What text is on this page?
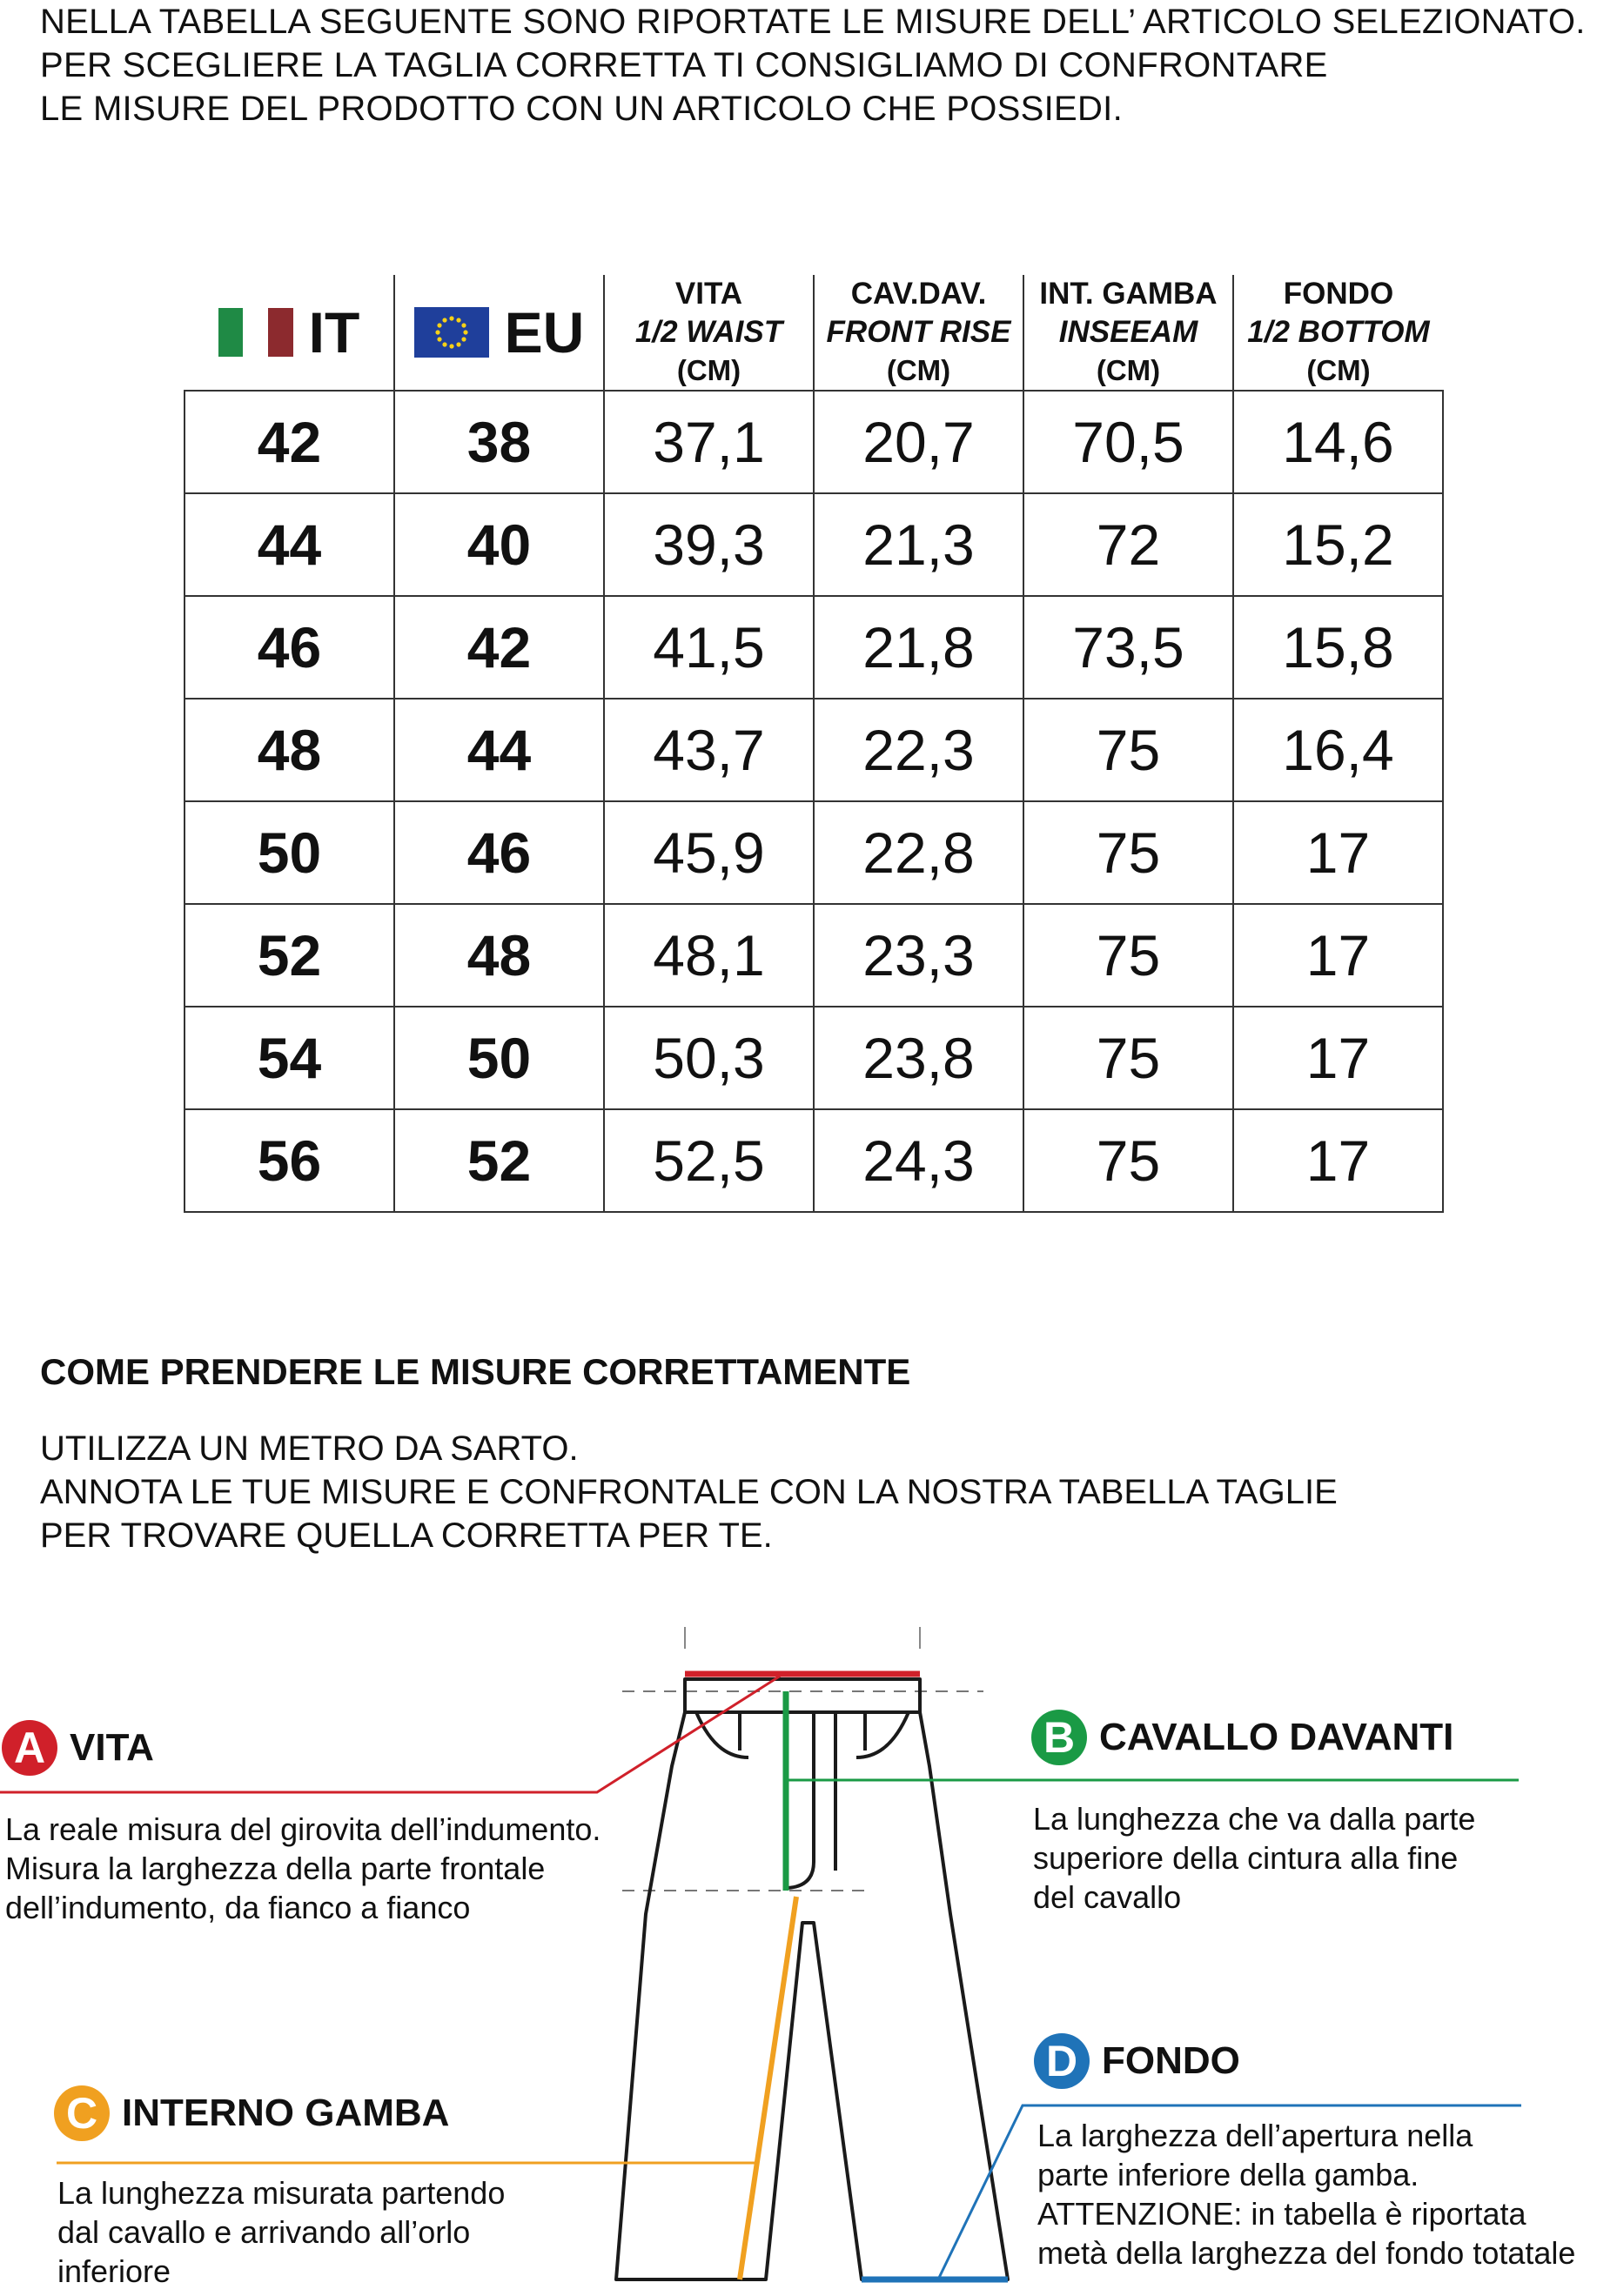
NELLA TABELLA SEGUENTE SONO RIPORTATE LE MISURE DELL’ ARTICOLO SELEZIONATO.
PER SCEGLIERE LA TAGLIA CORRETTA TI CONSIGLIAMO DI CONFRONTARE
LE MISURE DEL PRODOTTO CON UN ARTICOLO CHE POSSIEDI.
IT	EU	VITA
1/2 WAIST
(CM)	CAV.DAV.
FRONT RISE
(CM)	INT. GAMBA
INSEEAM
(CM)	FONDO
1/2 BOTTOM
(CM)

42	38	37,1	20,7	70,5	14,6
44	40	39,3	21,3	72	15,2
46	42	41,5	21,8	73,5	15,8
48	44	43,7	22,3	75	16,4
50	46	45,9	22,8	75	17
52	48	48,1	23,3	75	17
54	50	50,3	23,8	75	17
56	52	52,5	24,3	75	17
COME PRENDERE LE MISURE CORRETTAMENTE
UTILIZZA UN METRO DA SARTO.
ANNOTA LE TUE MISURE E CONFRONTALE CON LA NOSTRA TABELLA TAGLIE
PER TROVARE QUELLA CORRETTA PER TE.
A VITA
La reale misura del girovita dell’indumento.
Misura la larghezza della parte frontale
dell’indumento, da fianco a fianco
B CAVALLO DAVANTI
La lunghezza che va dalla parte
superiore della cintura alla fine
del cavallo
C INTERNO GAMBA
La lunghezza misurata partendo
dal cavallo e arrivando all’orlo
inferiore
D FONDO
La larghezza dell’apertura nella
parte inferiore della gamba.
ATTENZIONE: in tabella è riportata
metà della larghezza del fondo totatale
